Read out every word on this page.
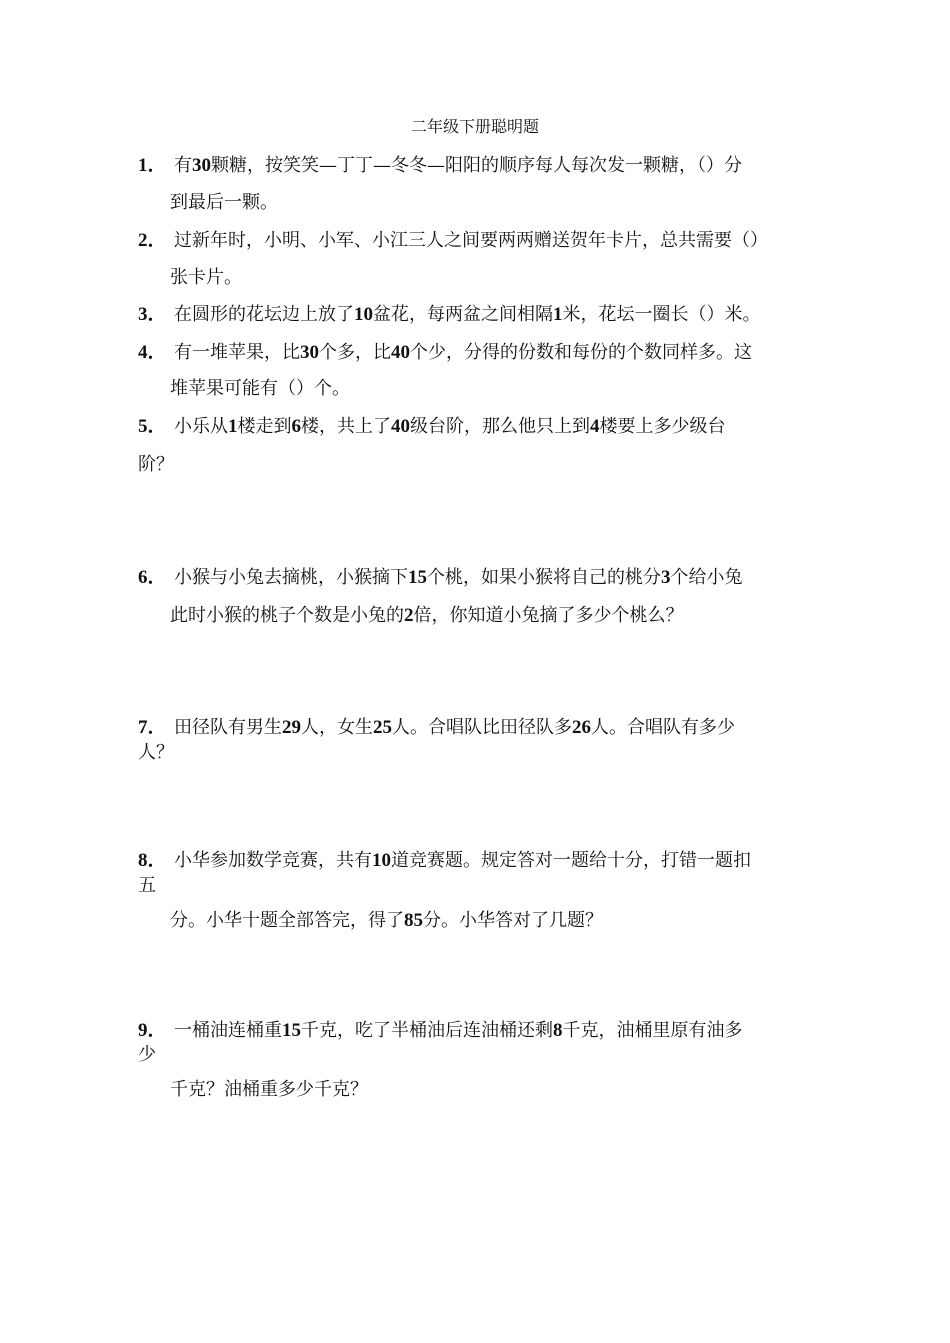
二年级下册聪明题
1． 有30颗糖，按笑笑—丁丁—冬冬—阳阳的顺序每人每次发一颗糖，（）分
到最后一颗。
2． 过新年时，小明、小军、小江三人之间要两两赠送贺年卡片，总共需要（）
张卡片。
3． 在圆形的花坛边上放了10盆花，每两盆之间相隔1米，花坛一圈长（）米。
4． 有一堆苹果，比30个多，比40个少，分得的份数和每份的个数同样多。这
堆苹果可能有（）个。
5． 小乐从1楼走到6楼，共上了40级台阶，那么他只上到4楼要上多少级台
阶？
6． 小猴与小兔去摘桃，小猴摘下15个桃，如果小猴将自己的桃分3个给小兔
此时小猴的桃子个数是小兔的2倍，你知道小兔摘了多少个桃么？
7． 田径队有男生29人，女生25人。合唱队比田径队多26人。合唱队有多少
人？
8． 小华参加数学竞赛，共有10道竞赛题。规定答对一题给十分，打错一题扣
五
分。小华十题全部答完，得了85分。小华答对了几题？
9． 一桶油连桶重15千克，吃了半桶油后连油桶还剩8千克，油桶里原有油多
少
千克？油桶重多少千克？
